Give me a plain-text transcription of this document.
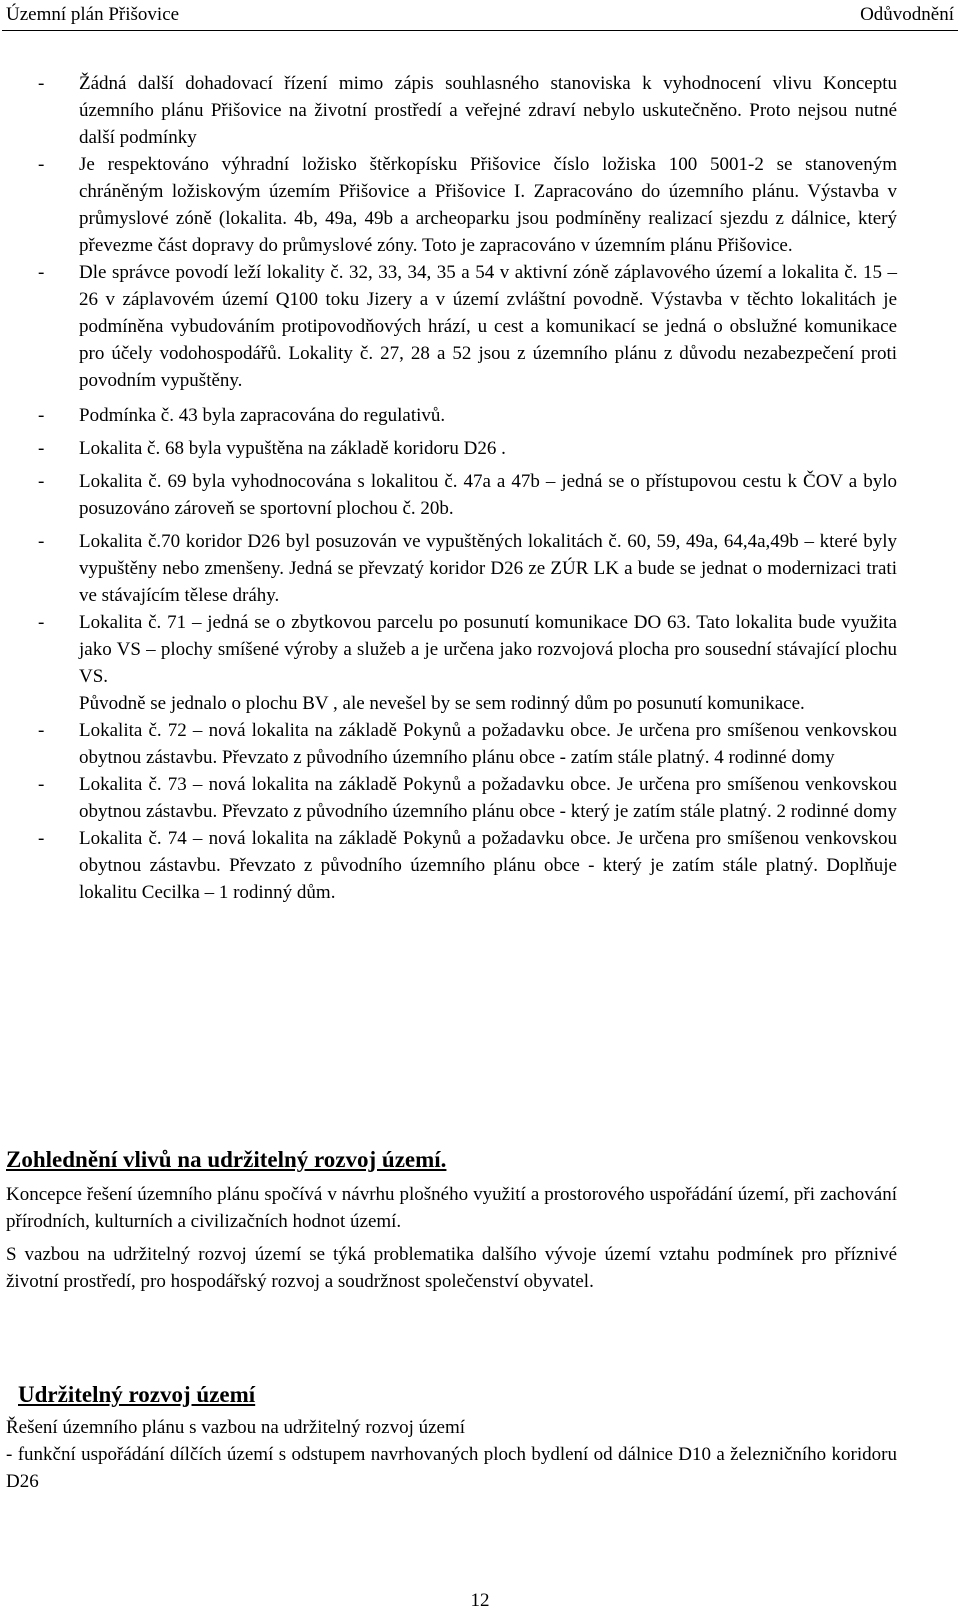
Územní plán Přišovice	Odůvodnění
- Žádná další dohadovací řízení mimo zápis souhlasného stanoviska k vyhodnocení vlivu Konceptu územního plánu Přišovice na životní prostředí a veřejné zdraví nebylo uskutečněno. Proto nejsou nutné další podmínky

- Je respektováno výhradní ložisko štěrkopísku Přišovice číslo ložiska 100 5001-2 se stanoveným chráněným ložiskovým územím Přišovice a Přišovice I. Zapracováno do územního plánu. Výstavba v průmyslové zóně (lokalita. 4b, 49a, 49b a archeoparku jsou podmíněny realizací sjezdu z dálnice, který převezme část dopravy do průmyslové zóny. Toto je zapracováno v územním plánu Přišovice.

- Dle správce povodí leží lokality č. 32, 33, 34, 35 a 54 v aktivní zóně záplavového území a lokalita č. 15 – 26 v záplavovém území Q100 toku Jizery a v území zvláštní povodně. Výstavba v těchto lokalitách je podmíněna vybudováním protipovodňových hrází, u cest a komunikací se jedná o obslužné komunikace pro účely vodohospodářů. Lokality č. 27, 28 a 52 jsou z územního plánu z důvodu nezabezpečení proti povodním vypuštěny.

- Podmínka č. 43 byla zapracována do regulativů.

- Lokalita č. 68 byla vypuštěna na základě koridoru D26 .

- Lokalita č. 69 byla vyhodnocována s lokalitou č. 47a a 47b – jedná se o přístupovou cestu k ČOV a bylo posuzováno zároveň se sportovní plochou č. 20b.

- Lokalita č.70 koridor D26 byl posuzován ve vypuštěných lokalitách č. 60, 59, 49a, 64,4a,49b – které byly vypuštěny nebo zmenšeny. Jedná se převzatý koridor D26 ze ZÚR LK a bude se jednat o modernizaci trati ve stávajícím tělese dráhy.

- Lokalita č. 71 – jedná se o zbytkovou parcelu po posunutí komunikace DO 63. Tato lokalita bude využita jako VS – plochy smíšené výroby a služeb a je určena jako rozvojová plocha pro sousední stávající plochu VS.

Původně se jednalo o plochu BV , ale nevešel by se sem rodinný dům po posunutí komunikace.

- Lokalita č. 72 – nová lokalita na základě Pokynů a požadavku obce. Je určena pro smíšenou venkovskou obytnou zástavbu. Převzato z původního územního plánu obce - zatím stále platný. 4 rodinné domy

- Lokalita č. 73 – nová lokalita na základě Pokynů a požadavku obce. Je určena pro smíšenou venkovskou obytnou zástavbu. Převzato z původního územního plánu obce - který je zatím stále platný. 2 rodinné domy

- Lokalita č. 74 – nová lokalita na základě Pokynů a požadavku obce. Je určena pro smíšenou venkovskou obytnou zástavbu. Převzato z původního územního plánu obce - který je zatím stále platný. Doplňuje lokalitu Cecilka – 1 rodinný dům.

Zohlednění vlivů na udržitelný rozvoj území.

Koncepce řešení územního plánu spočívá v návrhu plošného využití a prostorového uspořádání území, při zachování přírodních, kulturních a civilizačních hodnot území.

S vazbou na udržitelný rozvoj území se týká problematika dalšího vývoje území vztahu podmínek pro příznivé životní prostředí, pro hospodářský rozvoj a soudržnost společenství obyvatel.

Udržitelný rozvoj území

Řešení územního plánu s vazbou na udržitelný rozvoj území

- funkční uspořádání dílčích území s odstupem navrhovaných ploch bydlení od dálnice D10 a železničního koridoru D26

12
